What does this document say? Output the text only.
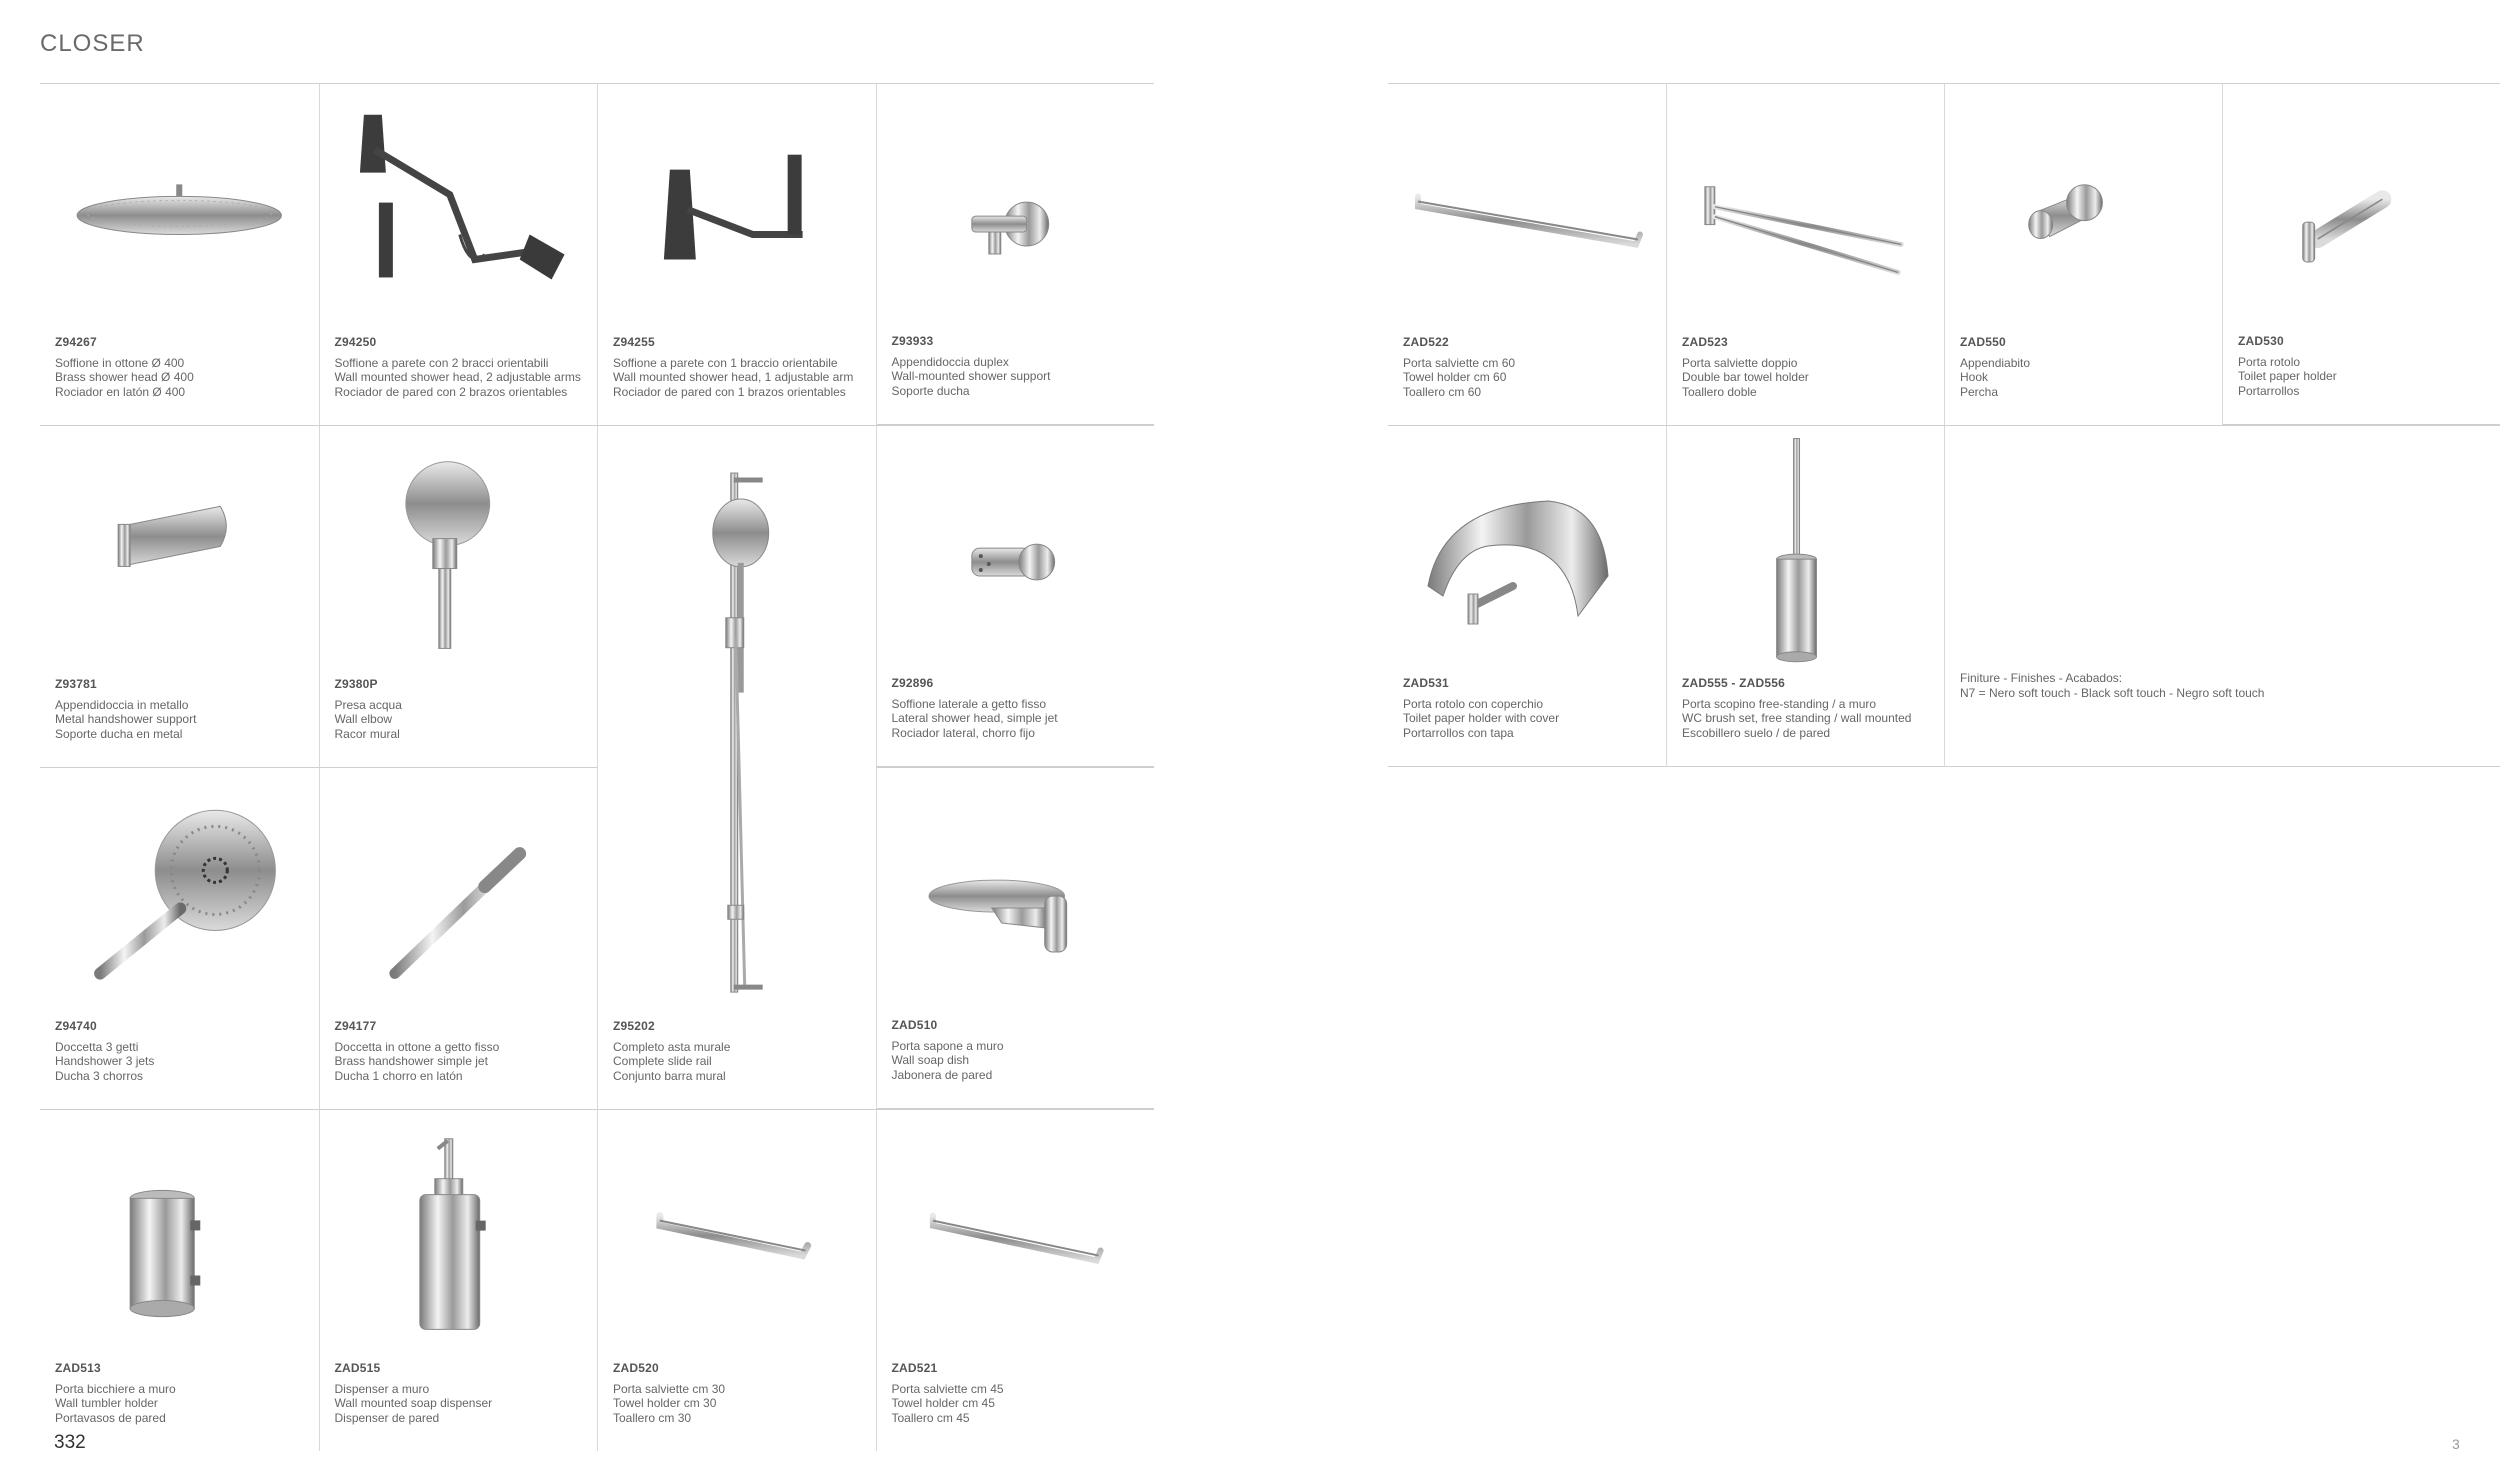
CLOSER
Z94267
Soffione in ottone Ø 400
Brass shower head Ø 400
Rociador en latón Ø 400
Z94250
Soffione a parete con 2 bracci orientabili
Wall mounted shower head, 2 adjustable arms
Rociador de pared con 2 brazos orientables
Z94255
Soffione a parete con 1 braccio orientabile
Wall mounted shower head, 1 adjustable arm
Rociador de pared con 1 brazos orientables
Z93933
Appendidoccia duplex
Wall-mounted shower support
Soporte ducha
Z93781
Appendidoccia in metallo
Metal handshower support
Soporte ducha en metal
Z9380P
Presa acqua
Wall elbow
Racor mural
Z95202
Completo asta murale
Complete slide rail
Conjunto barra mural
Z92896
Soffione laterale a getto fisso
Lateral shower head, simple jet
Rociador lateral, chorro fijo
Z94740
Doccetta 3 getti
Handshower 3 jets
Ducha 3 chorros
Z94177
Doccetta in ottone a getto fisso
Brass handshower simple jet
Ducha 1 chorro en latón
ZAD510
Porta sapone a muro
Wall soap dish
Jabonera de pared
ZAD513
Porta bicchiere a muro
Wall tumbler holder
Portavasos de pared
ZAD515
Dispenser a muro
Wall mounted soap dispenser
Dispenser de pared
ZAD520
Porta salviette cm 30
Towel holder cm 30
Toallero cm 30
ZAD521
Porta salviette cm 45
Towel holder cm 45
Toallero cm 45
ZAD522
Porta salviette cm 60
Towel holder cm 60
Toallero cm 60
ZAD523
Porta salviette doppio
Double bar towel holder
Toallero doble
ZAD550
Appendiabito
Hook
Percha
ZAD530
Porta rotolo
Toilet paper holder
Portarrollos
ZAD531
Porta rotolo con coperchio
Toilet paper holder with cover
Portarrollos con tapa
ZAD555 - ZAD556
Porta scopino free-standing / a muro
WC brush set, free standing / wall mounted
Escobillero suelo / de pared
Finiture - Finishes - Acabados:
N7 = Nero soft touch - Black soft touch - Negro soft touch
332	3
